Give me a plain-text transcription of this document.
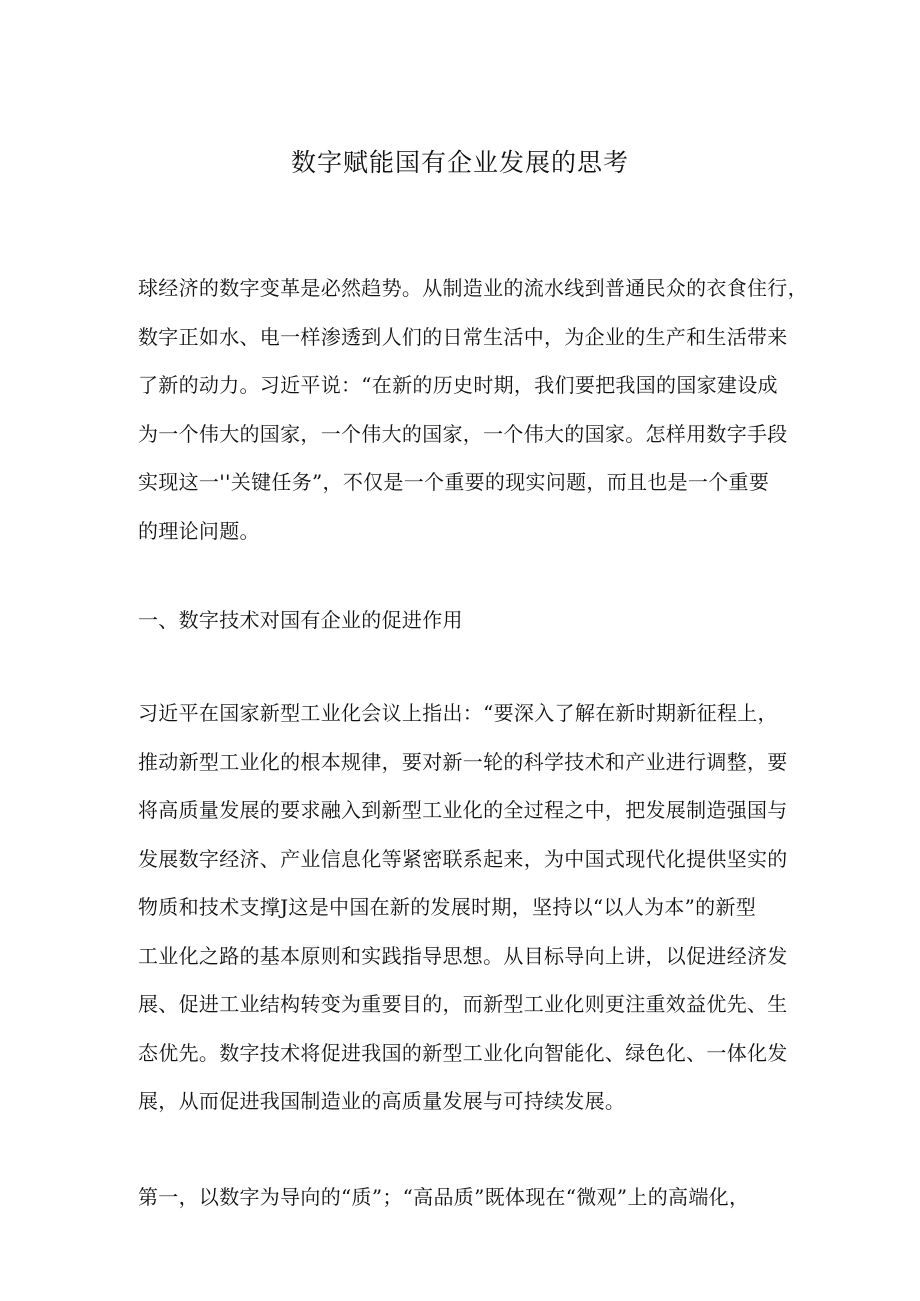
数字赋能国有企业发展的思考
球经济的数字变革是必然趋势。从制造业的流水线到普通民众的衣食住行，
数字正如水、电一样渗透到人们的日常生活中，为企业的生产和生活带来
了新的动力。习近平说：“在新的历史时期，我们要把我国的国家建设成
为一个伟大的国家，一个伟大的国家，一个伟大的国家。怎样用数字手段
实现这一''关键任务”，不仅是一个重要的现实问题，而且也是一个重要
的理论问题。
一、数字技术对国有企业的促进作用
习近平在国家新型工业化会议上指出：“要深入了解在新时期新征程上，
推动新型工业化的根本规律，要对新一轮的科学技术和产业进行调整，要
将高质量发展的要求融入到新型工业化的全过程之中，把发展制造强国与
发展数字经济、产业信息化等紧密联系起来，为中国式现代化提供坚实的
物质和技术支撑J这是中国在新的发展时期，坚持以“以人为本”的新型
工业化之路的基本原则和实践指导思想。从目标导向上讲，以促进经济发
展、促进工业结构转变为重要目的，而新型工业化则更注重效益优先、生
态优先。数字技术将促进我国的新型工业化向智能化、绿色化、一体化发
展，从而促进我国制造业的高质量发展与可持续发展。
第一，以数字为导向的“质”；“高品质”既体现在“微观”上的高端化，
